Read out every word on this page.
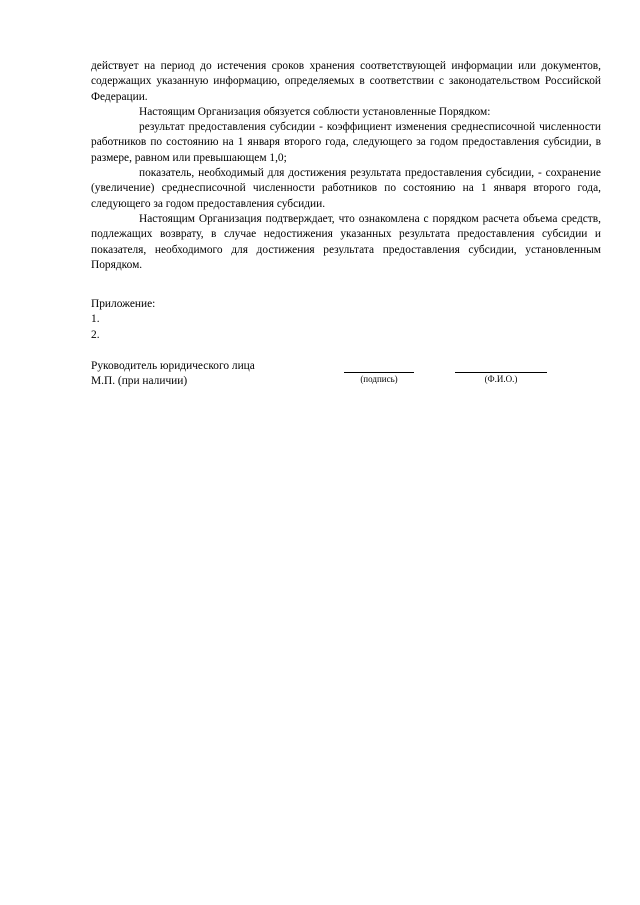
действует на период до истечения сроков хранения соответствующей информации или документов, содержащих указанную информацию, определяемых в соответствии с законодательством Российской Федерации.

Настоящим Организация обязуется соблюсти установленные Порядком:

результат предоставления субсидии - коэффициент изменения среднесписочной численности работников по состоянию на 1 января второго года, следующего за годом предоставления субсидии, в размере, равном или превышающем 1,0;

показатель, необходимый для достижения результата предоставления субсидии, - сохранение (увеличение) среднесписочной численности работников по состоянию на 1 января второго года, следующего за годом предоставления субсидии.

Настоящим Организация подтверждает, что ознакомлена с порядком расчета объема средств, подлежащих возврату, в случае недостижения указанных результата предоставления субсидии и показателя, необходимого для достижения результата предоставления субсидии, установленным Порядком.

Приложение:

1.

2.

Руководитель юридического лица
М.П. (при наличии)	(подпись)	(Ф.И.О.)
